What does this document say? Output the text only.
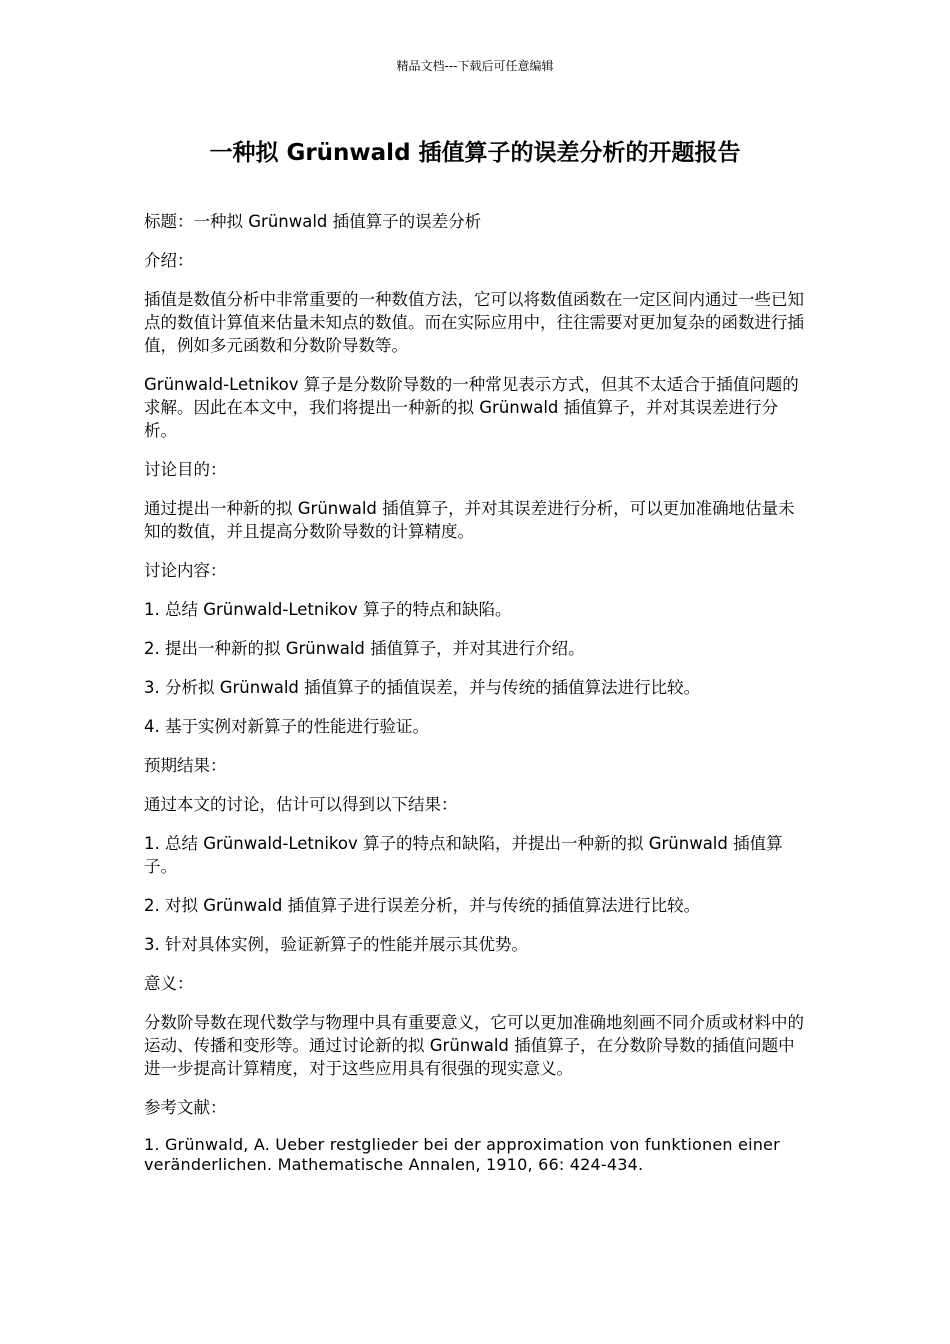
精品文档---下载后可任意编辑
一种拟 Grünwald 插值算子的误差分析的开题报告

标题：一种拟 Grünwald 插值算子的误差分析

介绍：

插值是数值分析中非常重要的一种数值方法，它可以将数值函数在一定区间内通过一些已知点的数值计算值来估量未知点的数值。而在实际应用中，往往需要对更加复杂的函数进行插值，例如多元函数和分数阶导数等。

Grünwald-Letnikov 算子是分数阶导数的一种常见表示方式，但其不太适合于插值问题的求解。因此在本文中，我们将提出一种新的拟 Grünwald 插值算子，并对其误差进行分析。

讨论目的：

通过提出一种新的拟 Grünwald 插值算子，并对其误差进行分析，可以更加准确地估量未知的数值，并且提高分数阶导数的计算精度。

讨论内容：

1. 总结 Grünwald-Letnikov 算子的特点和缺陷。

2. 提出一种新的拟 Grünwald 插值算子，并对其进行介绍。

3. 分析拟 Grünwald 插值算子的插值误差，并与传统的插值算法进行比较。

4. 基于实例对新算子的性能进行验证。

预期结果：

通过本文的讨论，估计可以得到以下结果：

1. 总结 Grünwald-Letnikov 算子的特点和缺陷，并提出一种新的拟 Grünwald 插值算子。

2. 对拟 Grünwald 插值算子进行误差分析，并与传统的插值算法进行比较。

3. 针对具体实例，验证新算子的性能并展示其优势。

意义：

分数阶导数在现代数学与物理中具有重要意义，它可以更加准确地刻画不同介质或材料中的运动、传播和变形等。通过讨论新的拟 Grünwald 插值算子，在分数阶导数的插值问题中进一步提高计算精度，对于这些应用具有很强的现实意义。

参考文献：

1. Grünwald, A. Ueber restglieder bei der approximation von funktionen einer veränderlichen. Mathematische Annalen, 1910, 66: 424-434.
